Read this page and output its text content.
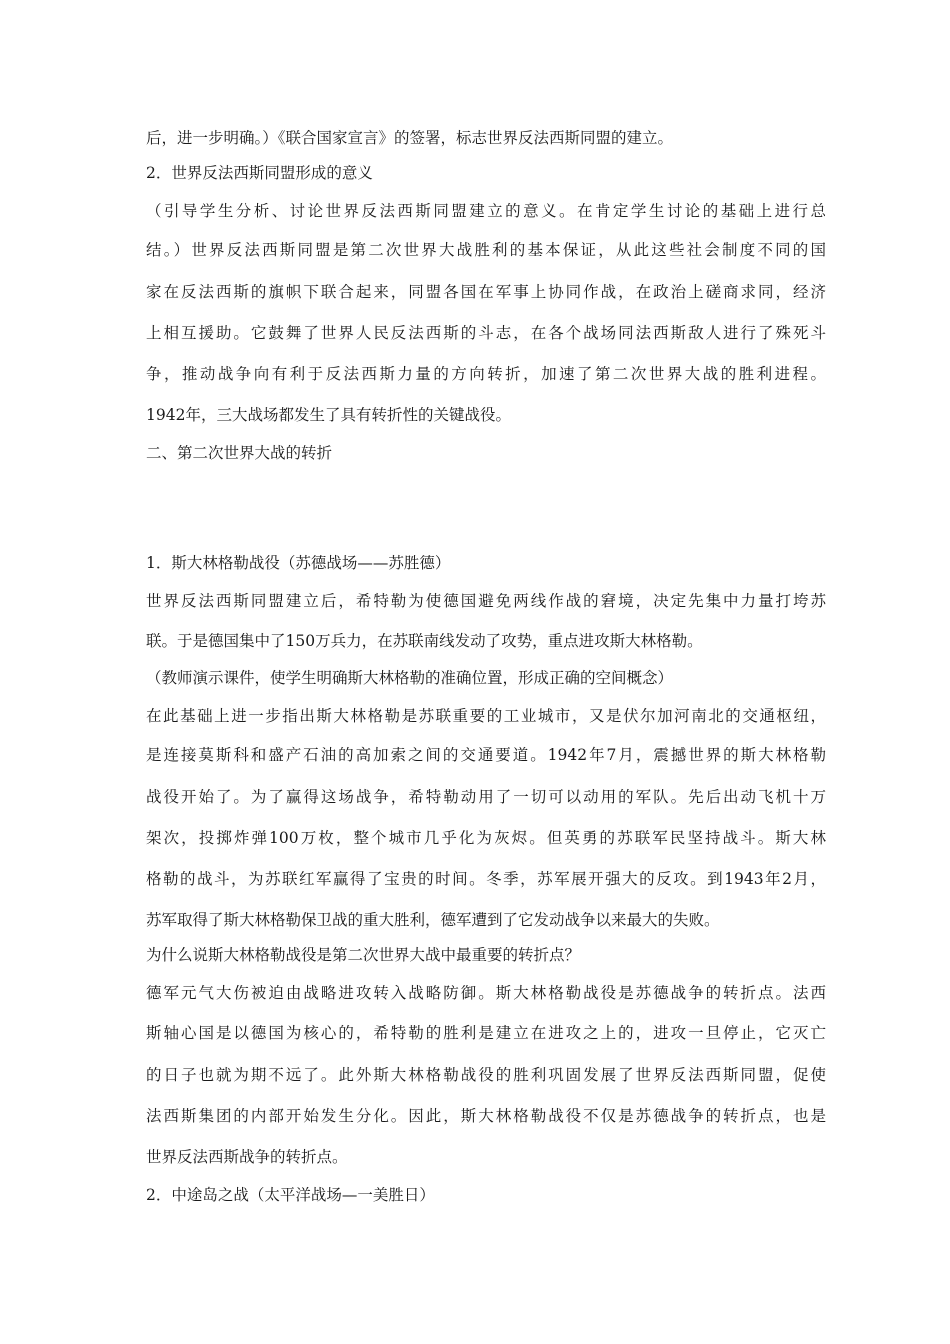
后，进一步明确。）《联合国家宣言》的签署，标志世界反法西斯同盟的建立。
2．世界反法西斯同盟形成的意义
（引导学生分析、讨论世界反法西斯同盟建立的意义。在肯定学生讨论的基础上进行总
结。）世界反法西斯同盟是第二次世界大战胜利的基本保证，从此这些社会制度不同的国
家在反法西斯的旗帜下联合起来，同盟各国在军事上协同作战，在政治上磋商求同，经济
上相互援助。它鼓舞了世界人民反法西斯的斗志，在各个战场同法西斯敌人进行了殊死斗
争，推动战争向有利于反法西斯力量的方向转折，加速了第二次世界大战的胜利进程。
1942年，三大战场都发生了具有转折性的关键战役。
二、第二次世界大战的转折
1．斯大林格勒战役（苏德战场——苏胜德）
世界反法西斯同盟建立后，希特勒为使德国避免两线作战的窘境，决定先集中力量打垮苏
联。于是德国集中了150万兵力，在苏联南线发动了攻势，重点进攻斯大林格勒。
（教师演示课件，使学生明确斯大林格勒的准确位置，形成正确的空间概念）
在此基础上进一步指出斯大林格勒是苏联重要的工业城市，又是伏尔加河南北的交通枢纽，
是连接莫斯科和盛产石油的高加索之间的交通要道。1942年7月，震撼世界的斯大林格勒
战役开始了。为了赢得这场战争，希特勒动用了一切可以动用的军队。先后出动飞机十万
架次，投掷炸弹100万枚，整个城市几乎化为灰烬。但英勇的苏联军民坚持战斗。斯大林
格勒的战斗，为苏联红军赢得了宝贵的时间。冬季，苏军展开强大的反攻。到1943年2月，
苏军取得了斯大林格勒保卫战的重大胜利，德军遭到了它发动战争以来最大的失败。
为什么说斯大林格勒战役是第二次世界大战中最重要的转折点？
德军元气大伤被迫由战略进攻转入战略防御。斯大林格勒战役是苏德战争的转折点。法西
斯轴心国是以德国为核心的，希特勒的胜利是建立在进攻之上的，进攻一旦停止，它灭亡
的日子也就为期不远了。此外斯大林格勒战役的胜利巩固发展了世界反法西斯同盟，促使
法西斯集团的内部开始发生分化。因此，斯大林格勒战役不仅是苏德战争的转折点，也是
世界反法西斯战争的转折点。
2．中途岛之战（太平洋战场—一美胜日）
